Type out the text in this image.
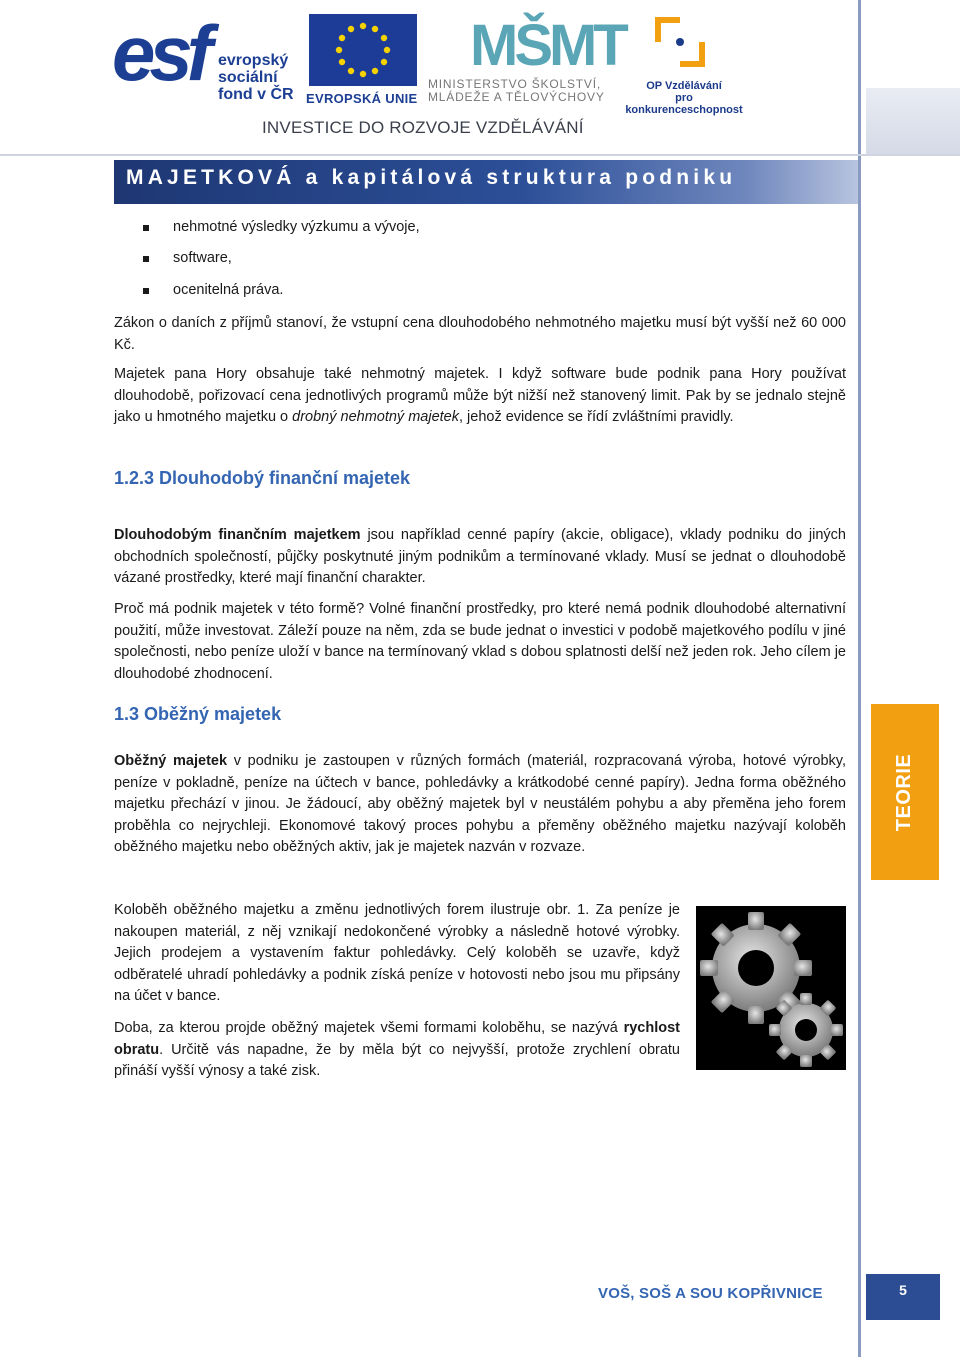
esf evropský
sociální
fond v ČR EVROPSKÁ UNIE
MŠMT
MINISTERSTVO ŠKOLSTVÍ,
MLÁDEŽE A TĚLOVÝCHOVY
OP Vzdělávání
pro konkurenceschopnost
INVESTICE DO ROZVOJE VZDĚLÁVÁNÍ
MAJETKOVÁ a kapitálová struktura podniku
nehmotné výsledky výzkumu a vývoje,
software,
ocenitelná práva.
Zákon o daních z příjmů stanoví, že vstupní cena dlouhodobého nehmotného majetku musí být vyšší než 60 000 Kč.
Majetek pana Hory obsahuje také nehmotný majetek. I když software bude podnik pana Hory používat dlouhodobě, pořizovací cena jednotlivých programů může být nižší než stanovený limit. Pak by se jednalo stejně jako u hmotného majetku o drobný nehmotný majetek, jehož evidence se řídí zvláštními pravidly.
1.2.3 Dlouhodobý finanční majetek
Dlouhodobým finančním majetkem jsou například cenné papíry (akcie, obligace), vklady podniku do jiných obchodních společností, půjčky poskytnuté jiným podnikům a termínované vklady. Musí se jednat o dlouhodobě vázané prostředky, které mají finanční charakter.
Proč má podnik majetek v této formě? Volné finanční prostředky, pro které nemá podnik dlouhodobé alternativní použití, může investovat. Záleží pouze na něm, zda se bude jednat o investici v podobě majetkového podílu v jiné společnosti, nebo peníze uloží v bance na termínovaný vklad s dobou splatnosti delší než jeden rok. Jeho cílem je dlouhodobé zhodnocení.
1.3 Oběžný majetek
Oběžný majetek v podniku je zastoupen v různých formách (materiál, rozpracovaná výroba, hotové výrobky, peníze v pokladně, peníze na účtech v bance, pohledávky a krátkodobé cenné papíry). Jedna forma oběžného majetku přechází v jinou. Je žádoucí, aby oběžný majetek byl v neustálém pohybu a aby přeměna jeho forem proběhla co nejrychleji. Ekonomové takový proces pohybu a přeměny oběžného majetku nazývají koloběh oběžného majetku nebo oběžných aktiv, jak je majetek nazván v rozvaze.
Koloběh oběžného majetku a změnu jednotlivých forem ilustruje obr. 1. Za peníze je nakoupen materiál, z něj vznikají nedokončené výrobky a následně hotové výrobky. Jejich prodejem a vystavením faktur pohledávky. Celý koloběh se uzavře, když odběratelé uhradí pohledávky a podnik získá peníze v hotovosti nebo jsou mu připsány na účet v bance.
Doba, za kterou projde oběžný majetek všemi formami koloběhu, se nazývá rychlost obratu. Určitě vás napadne, že by měla být co nejvyšší, protože zrychlení obratu přináší vyšší výnosy a také zisk.
TEORIE
VOŠ, SOŠ A SOU KOPŘIVNICE	5
